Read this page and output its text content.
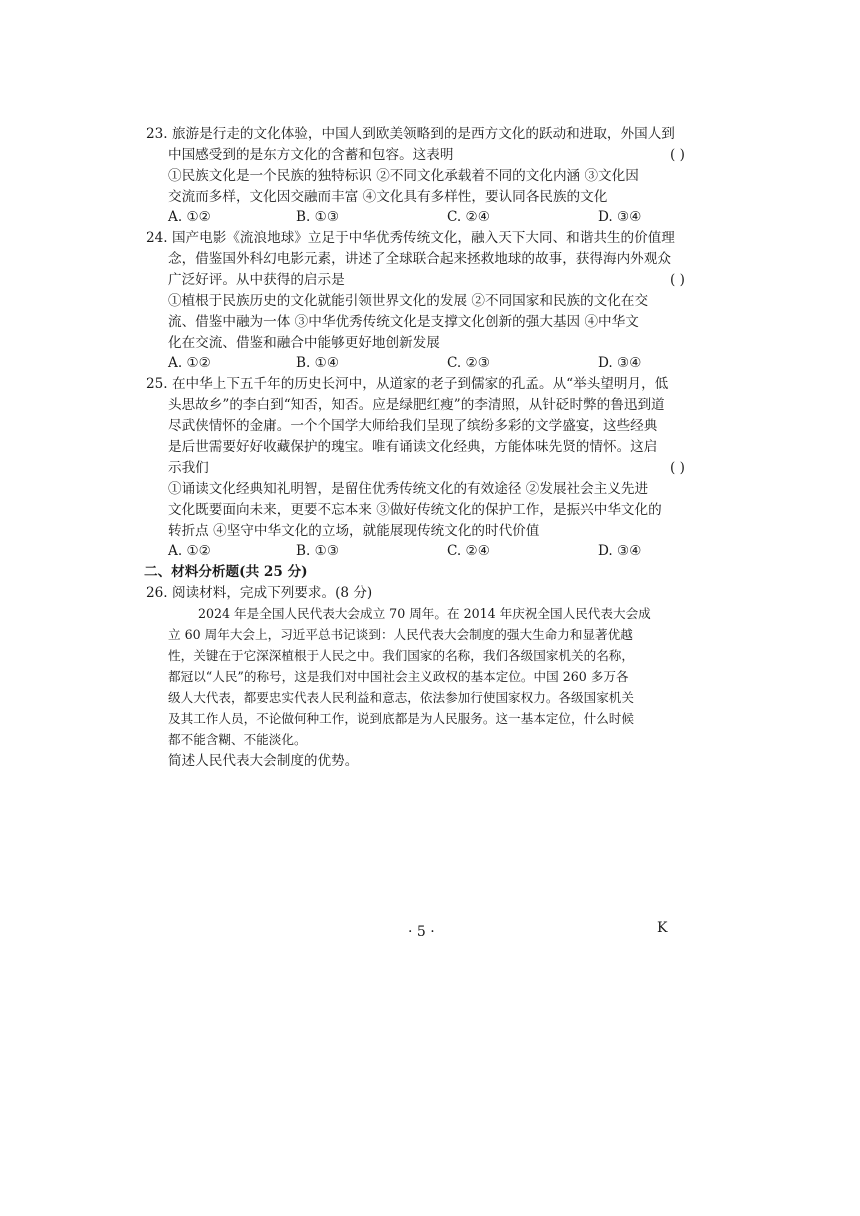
23. 旅游是行走的文化体验，中国人到欧美领略到的是西方文化的跃动和进取，外国人到
中国感受到的是东方文化的含蓄和包容。这表明	( )
①民族文化是一个民族的独特标识 ②不同文化承载着不同的文化内涵 ③文化因
交流而多样，文化因交融而丰富 ④文化具有多样性，要认同各民族的文化
A. ①②	B. ①③	C. ②④	D. ③④
24. 国产电影《流浪地球》立足于中华优秀传统文化，融入天下大同、和谐共生的价值理
念，借鉴国外科幻电影元素，讲述了全球联合起来拯救地球的故事，获得海内外观众
广泛好评。从中获得的启示是	( )
①植根于民族历史的文化就能引领世界文化的发展 ②不同国家和民族的文化在交
流、借鉴中融为一体 ③中华优秀传统文化是支撑文化创新的强大基因 ④中华文
化在交流、借鉴和融合中能够更好地创新发展
A. ①②	B. ①④	C. ②③	D. ③④
25. 在中华上下五千年的历史长河中，从道家的老子到儒家的孔孟。从“举头望明月，低
头思故乡”的李白到“知否，知否。应是绿肥红瘦”的李清照，从针砭时弊的鲁迅到道
尽武侠情怀的金庸。一个个国学大师给我们呈现了缤纷多彩的文学盛宴，这些经典
是后世需要好好收藏保护的瑰宝。唯有诵读文化经典，方能体味先贤的情怀。这启
示我们	( )
①诵读文化经典知礼明智，是留住优秀传统文化的有效途径 ②发展社会主义先进
文化既要面向未来，更要不忘本来 ③做好传统文化的保护工作，是振兴中华文化的
转折点 ④坚守中华文化的立场，就能展现传统文化的时代价值
A. ①②	B. ①③	C. ②④	D. ③④
二、材料分析题(共 25 分)
26. 阅读材料，完成下列要求。(8 分)
2024 年是全国人民代表大会成立 70 周年。在 2014 年庆祝全国人民代表大会成
立 60 周年大会上，习近平总书记谈到：人民代表大会制度的强大生命力和显著优越
性，关键在于它深深植根于人民之中。我们国家的名称，我们各级国家机关的名称，
都冠以“人民”的称号，这是我们对中国社会主义政权的基本定位。中国 260 多万各
级人大代表，都要忠实代表人民利益和意志，依法参加行使国家权力。各级国家机关
及其工作人员，不论做何种工作，说到底都是为人民服务。这一基本定位，什么时候
都不能含糊、不能淡化。
简述人民代表大会制度的优势。
· 5 ·	K
